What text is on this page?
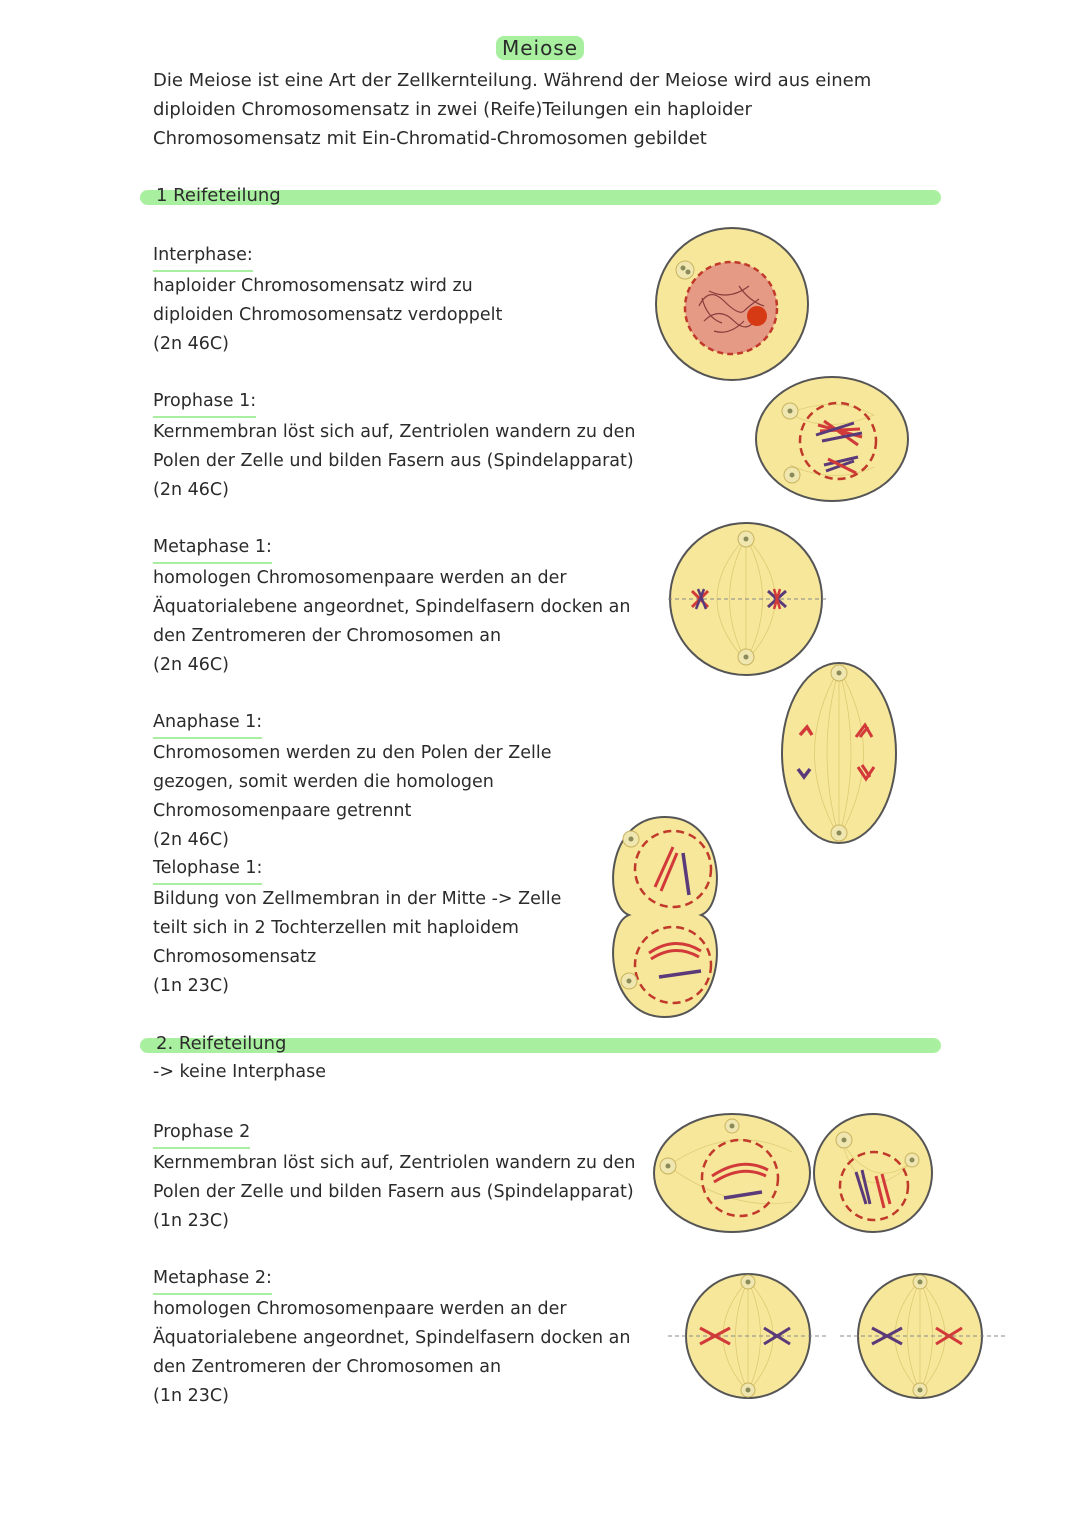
Meiose
Die Meiose ist eine Art der Zellkernteilung. Während der Meiose wird aus einem diploiden Chromosomensatz in zwei (Reife)Teilungen ein haploider Chromosomensatz mit Ein-Chromatid-Chromosomen gebildet
1 Reifeteilung
Interphase:

haploider Chromosomensatz wird zu diploiden Chromosomensatz verdoppelt

(2n 46C)

Prophase 1:

Kernmembran löst sich auf, Zentriolen wandern zu den Polen der Zelle und bilden Fasern aus (Spindelapparat)

(2n 46C)

Metaphase 1:

homologen Chromosomenpaare werden an der Äquatorialebene angeordnet, Spindelfasern docken an den Zentromeren der Chromosomen an

(2n 46C)

Anaphase 1:

Chromosomen werden zu den Polen der Zelle gezogen, somit werden die homologen Chromosomenpaare getrennt

(2n 46C)

Telophase 1:

Bildung von Zellmembran in der Mitte -> Zelle teilt sich in 2 Tochterzellen mit haploidem Chromosomensatz

(1n 23C)

2. Reifeteilung
-> keine Interphase
Prophase 2

Kernmembran löst sich auf, Zentriolen wandern zu den Polen der Zelle und bilden Fasern aus (Spindelapparat)

(1n 23C)

Metaphase 2:

homologen Chromosomenpaare werden an der Äquatorialebene angeordnet, Spindelfasern docken an den Zentromeren der Chromosomen an

(1n 23C)
